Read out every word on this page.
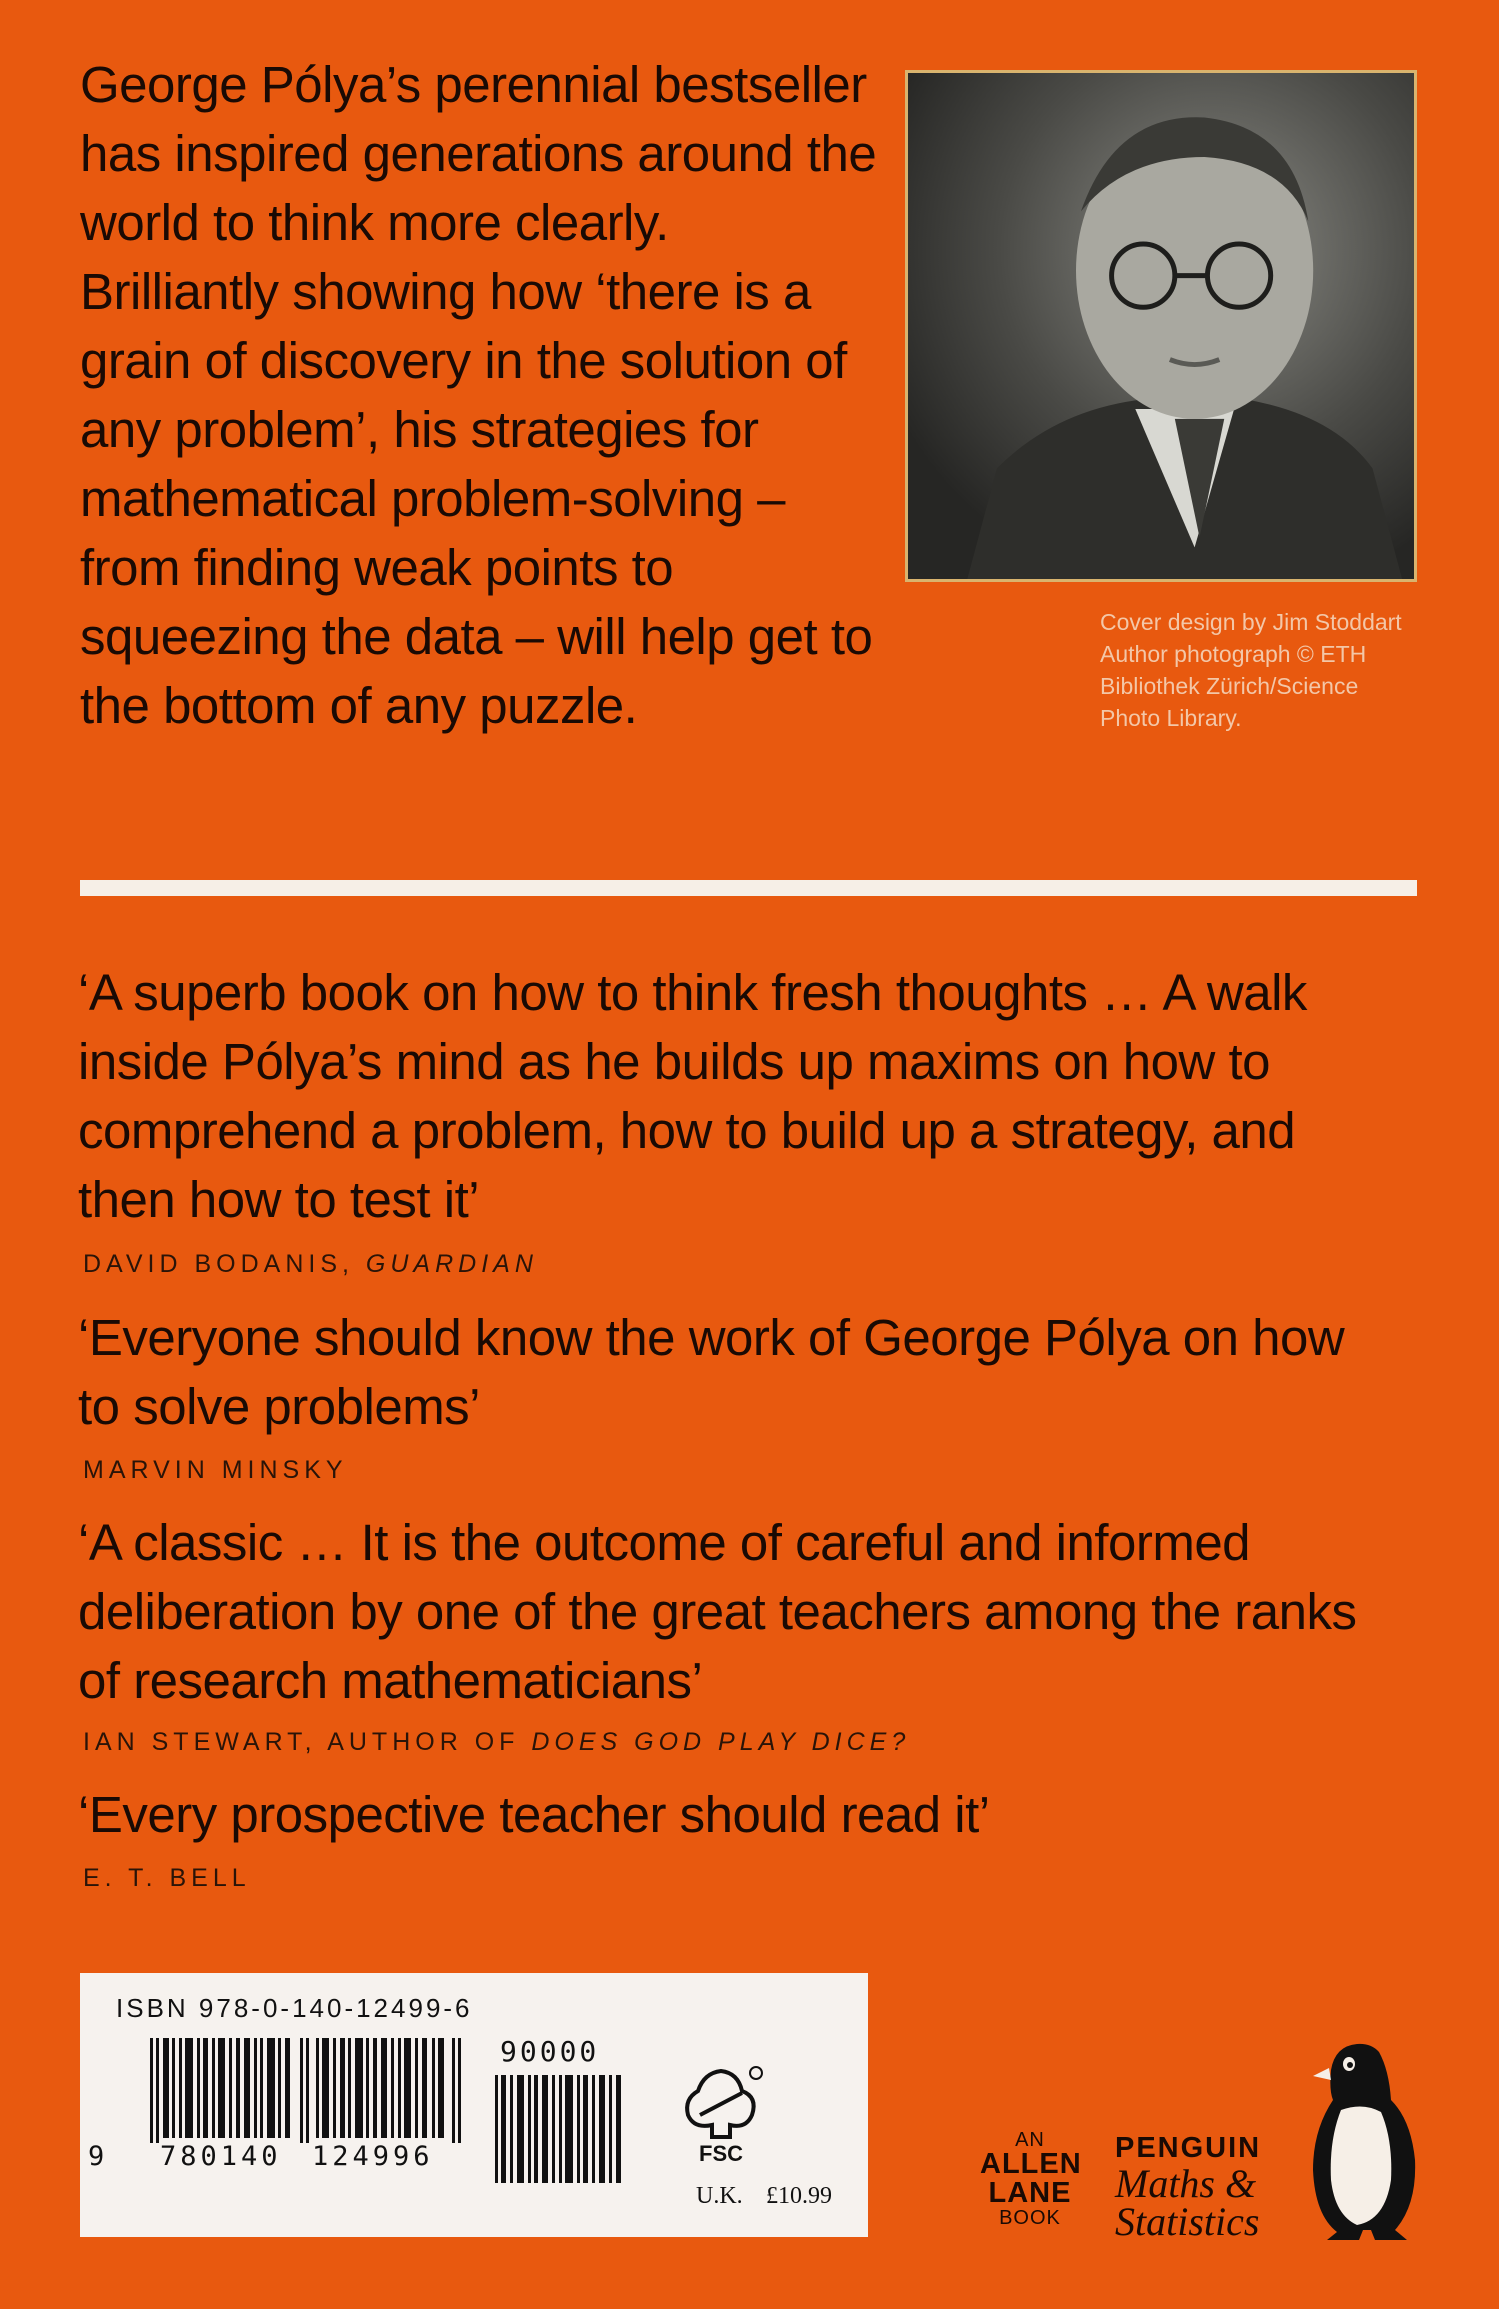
George Pólya’s perennial bestseller has inspired generations around the world to think more clearly. Brilliantly showing how ‘there is a grain of discovery in the solution of any problem’, his strategies for mathematical problem-solving – from finding weak points to squeezing the data – will help get to the bottom of any puzzle.

Cover design by Jim Stoddart
Author photograph © ETH
Bibliothek Zürich/Science
Photo Library.

‘A superb book on how to think fresh thoughts … A walk inside Pólya’s mind as he builds up maxims on how to comprehend a problem, how to build up a strategy, and then how to test it’

DAVID BODANIS, GUARDIAN

‘Everyone should know the work of George Pólya on how to solve problems’

MARVIN MINSKY

‘A classic … It is the outcome of careful and informed deliberation by one of the great teachers among the ranks of research mathematicians’

IAN STEWART, AUTHOR OF DOES GOD PLAY DICE?

‘Every prospective teacher should read it’

E. T. BELL

ISBN 978-0-140-12499-6
9 780140 124996
90000
FSC
U.K. £10.99
AN
ALLEN
LANE
BOOK
PENGUIN
Maths &
Statistics
